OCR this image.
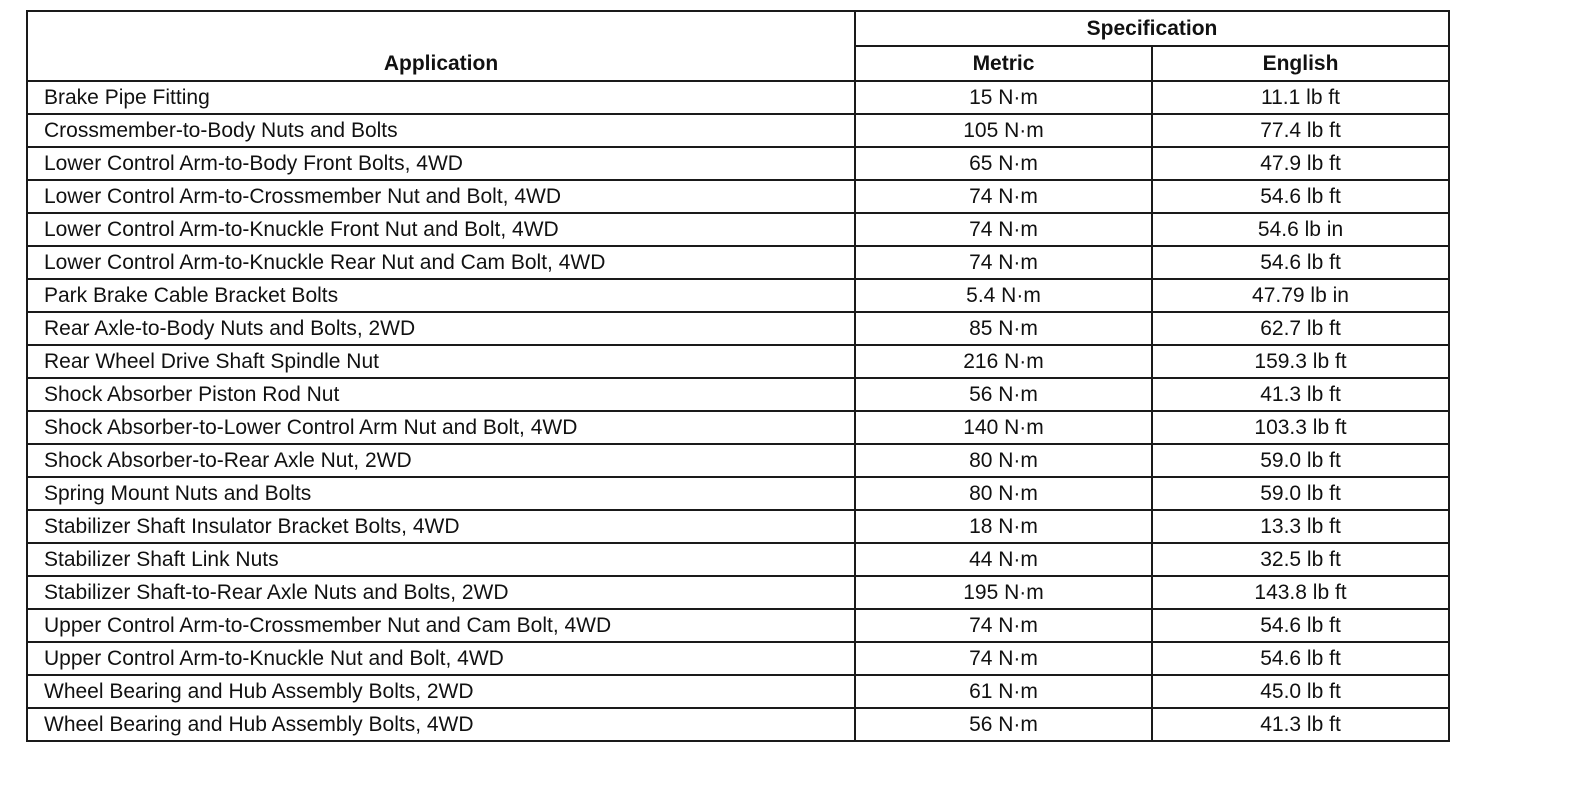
Application	Specification	
	Metric	English
Brake Pipe Fitting	15 N·m	11.1 lb ft
Crossmember-to-Body Nuts and Bolts	105 N·m	77.4 lb ft
Lower Control Arm-to-Body Front Bolts, 4WD	65 N·m	47.9 lb ft
Lower Control Arm-to-Crossmember Nut and Bolt, 4WD	74 N·m	54.6 lb ft
Lower Control Arm-to-Knuckle Front Nut and Bolt, 4WD	74 N·m	54.6 lb in
Lower Control Arm-to-Knuckle Rear Nut and Cam Bolt, 4WD	74 N·m	54.6 lb ft
Park Brake Cable Bracket Bolts	5.4 N·m	47.79 lb in
Rear Axle-to-Body Nuts and Bolts, 2WD	85 N·m	62.7 lb ft
Rear Wheel Drive Shaft Spindle Nut	216 N·m	159.3 lb ft
Shock Absorber Piston Rod Nut	56 N·m	41.3 lb ft
Shock Absorber-to-Lower Control Arm Nut and Bolt, 4WD	140 N·m	103.3 lb ft
Shock Absorber-to-Rear Axle Nut, 2WD	80 N·m	59.0 lb ft
Spring Mount Nuts and Bolts	80 N·m	59.0 lb ft
Stabilizer Shaft Insulator Bracket Bolts, 4WD	18 N·m	13.3 lb ft
Stabilizer Shaft Link Nuts	44 N·m	32.5 lb ft
Stabilizer Shaft-to-Rear Axle Nuts and Bolts, 2WD	195 N·m	143.8 lb ft
Upper Control Arm-to-Crossmember Nut and Cam Bolt, 4WD	74 N·m	54.6 lb ft
Upper Control Arm-to-Knuckle Nut and Bolt, 4WD	74 N·m	54.6 lb ft
Wheel Bearing and Hub Assembly Bolts, 2WD	61 N·m	45.0 lb ft
Wheel Bearing and Hub Assembly Bolts, 4WD	56 N·m	41.3 lb ft
